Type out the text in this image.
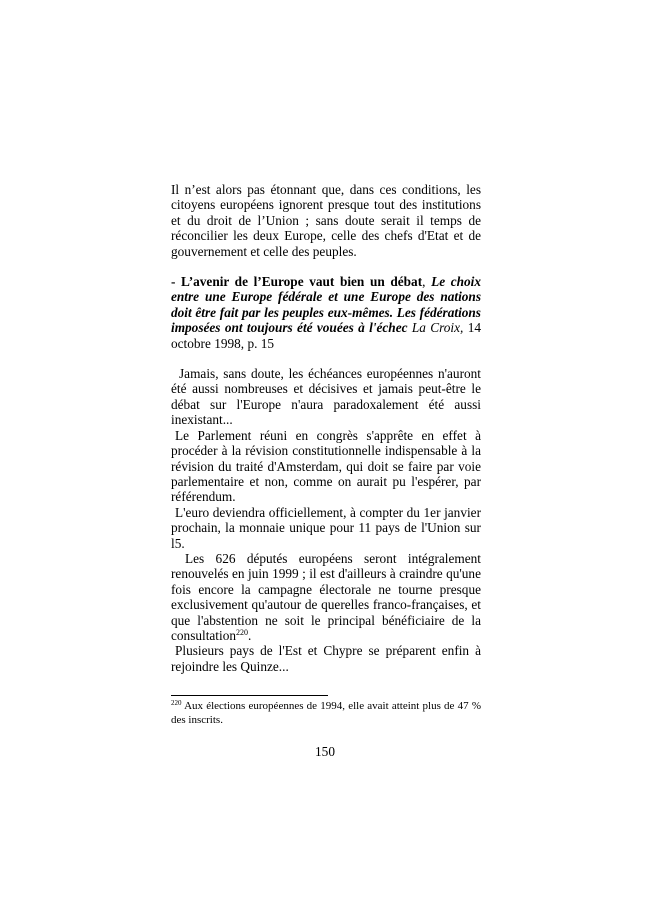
Il n’est alors pas étonnant que, dans ces conditions, les citoyens européens ignorent presque tout des institutions et du droit de l’Union ; sans doute serait il temps de réconcilier les deux Europe, celle des chefs d'Etat et de gouvernement et celle des peuples.

- L’avenir de l’Europe vaut bien un débat, Le choix entre une Europe fédérale et une Europe des nations doit être fait par les peuples eux-mêmes. Les fédérations imposées ont toujours été vouées à l'échec La Croix, 14 octobre 1998, p. 15

Jamais, sans doute, les échéances européennes n'auront été aussi nombreuses et décisives et jamais peut-être le débat sur l'Europe n'aura paradoxalement été aussi inexistant...

Le Parlement réuni en congrès s'apprête en effet à procéder à la révision constitutionnelle indispensable à la révision du traité d'Amsterdam, qui doit se faire par voie parlementaire et non, comme on aurait pu l'espérer, par référendum.

L'euro deviendra officiellement, à compter du 1er janvier prochain, la monnaie unique pour 11 pays de l'Union sur l5.

Les 626 députés européens seront intégralement renouvelés en juin 1999 ; il est d'ailleurs à craindre qu'une fois encore la campagne électorale ne tourne presque exclusivement qu'autour de querelles franco-françaises, et que l'abstention ne soit le principal bénéficiaire de la consultation$^{220}$.

Plusieurs pays de l'Est et Chypre se préparent enfin à rejoindre les Quinze...

$^{220}$ Aux élections européennes de 1994, elle avait atteint plus de 47 % des inscrits.
150
